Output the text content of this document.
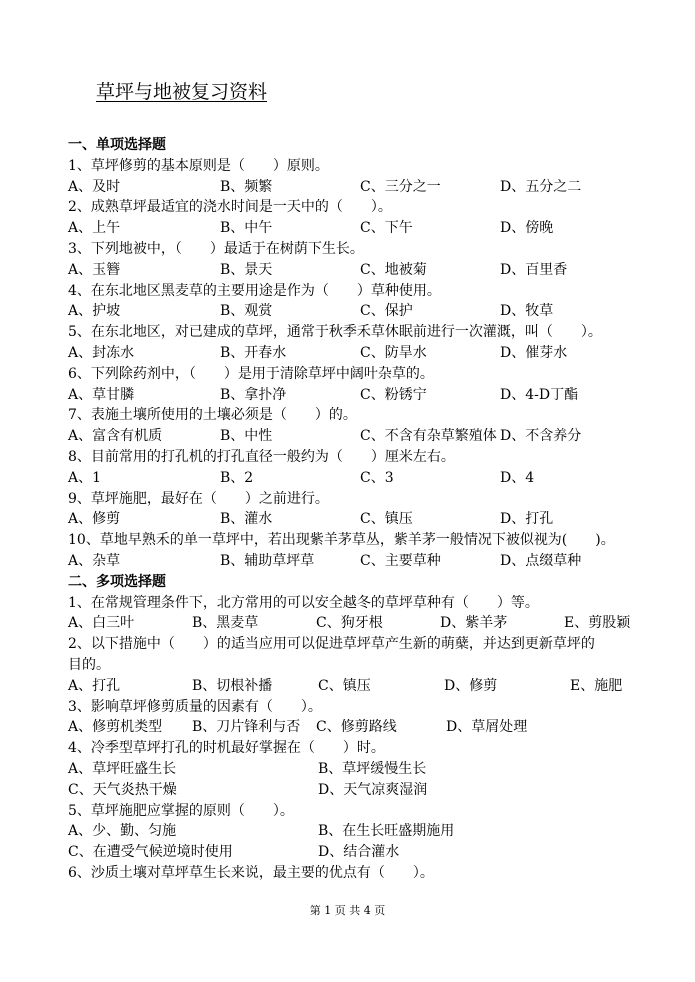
草坪与地被复习资料
一、单项选择题
1、草坪修剪的基本原则是（　　）原则。
A、及时	B、频繁	C、三分之一	D、五分之二
2、成熟草坪最适宜的浇水时间是一天中的（　　）。
A、上午	B、中午	C、下午	D、傍晚
3、下列地被中，（　　）最适于在树荫下生长。
A、玉簪	B、景天	C、地被菊	D、百里香
4、在东北地区黑麦草的主要用途是作为（　　）草种使用。
A、护坡	B、观赏	C、保护	D、牧草
5、在东北地区，对已建成的草坪，通常于秋季禾草休眠前进行一次灌溉，叫（　　）。
A、封冻水	B、开春水	C、防旱水	D、催芽水
6、下列除药剂中，（　　）是用于清除草坪中阔叶杂草的。
A、草甘膦	B、拿扑净	C、粉锈宁	D、4-D丁酯
7、表施土壤所使用的土壤必须是（　　）的。
A、富含有机质	B、中性	C、不含有杂草繁殖体 D、不含养分
8、目前常用的打孔机的打孔直径一般约为（　　）厘米左右。
A、1	B、2	C、3	D、4
9、草坪施肥，最好在（　　）之前进行。
A、修剪	B、灌水	C、镇压	D、打孔
10、草地早熟禾的单一草坪中，若出现紫羊茅草丛，紫羊茅一般情况下被似视为(　　)。
A、杂草	B、辅助草坪草	C、主要草种	D、点缀草种
二、多项选择题
1、在常规管理条件下，北方常用的可以安全越冬的草坪草种有（　　）等。
A、白三叶	B、黑麦草	C、狗牙根	D、紫羊茅	E、剪股颖
2、以下措施中（　　）的适当应用可以促进草坪草产生新的萌蘖，并达到更新草坪的
目的。
A、打孔	B、切根补播	C、镇压	D、修剪	E、施肥
3、影响草坪修剪质量的因素有（　　）。
A、修剪机类型 B、刀片锋利与否 C、修剪路线	D、草屑处理
4、冷季型草坪打孔的时机最好掌握在（　　）时。
A、草坪旺盛生长	B、草坪缓慢生长
C、天气炎热干燥	D、天气凉爽湿润
5、草坪施肥应掌握的原则（　　）。
A、少、勤、匀施	B、在生长旺盛期施用
C、在遭受气候逆境时使用	D、结合灌水
6、沙质土壤对草坪草生长来说，最主要的优点有（　　）。
第 1 页 共 4 页
